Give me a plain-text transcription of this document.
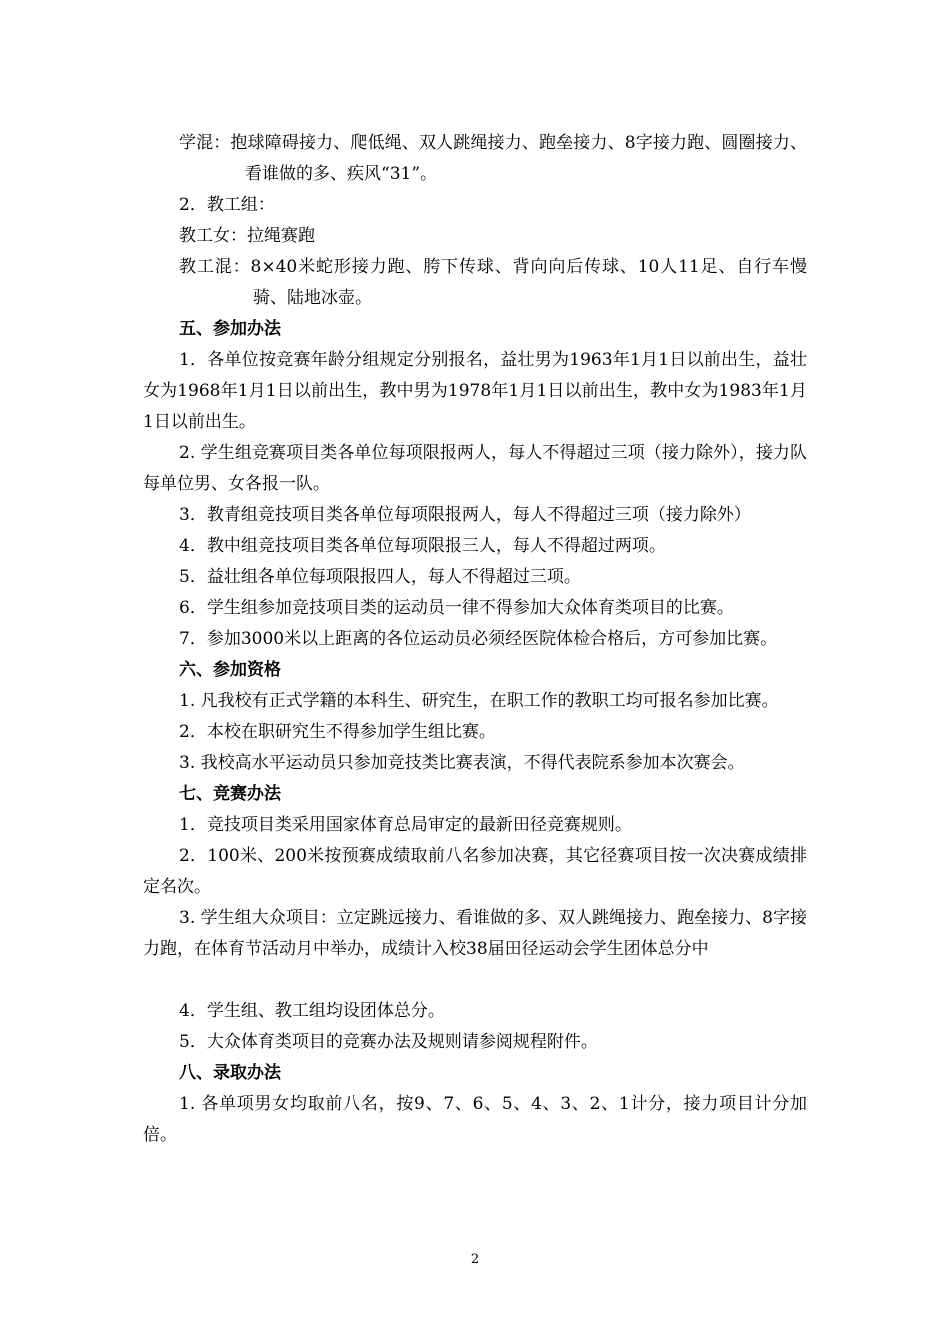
学混：抱球障碍接力、爬低绳、双人跳绳接力、跑垒接力、8字接力跑、圆圈接力、看谁做的多、疾风“31”。

2．教工组：

教工女：拉绳赛跑

教工混：8×40米蛇形接力跑、胯下传球、背向向后传球、10人11足、自行车慢骑、陆地冰壶。

五、参加办法

1．各单位按竞赛年龄分组规定分别报名，益壮男为1963年1月1日以前出生，益壮女为1968年1月1日以前出生，教中男为1978年1月1日以前出生，教中女为1983年1月1日以前出生。

2. 学生组竞赛项目类各单位每项限报两人，每人不得超过三项（接力除外），接力队每单位男、女各报一队。

3．教青组竞技项目类各单位每项限报两人，每人不得超过三项（接力除外）

4．教中组竞技项目类各单位每项限报三人，每人不得超过两项。

5．益壮组各单位每项限报四人，每人不得超过三项。

6．学生组参加竞技项目类的运动员一律不得参加大众体育类项目的比赛。

7．参加3000米以上距离的各位运动员必须经医院体检合格后，方可参加比赛。

六、参加资格

1. 凡我校有正式学籍的本科生、研究生，在职工作的教职工均可报名参加比赛。

2．本校在职研究生不得参加学生组比赛。

3. 我校高水平运动员只参加竞技类比赛表演，不得代表院系参加本次赛会。

七、竞赛办法

1．竞技项目类采用国家体育总局审定的最新田径竞赛规则。

2．100米、200米按预赛成绩取前八名参加决赛，其它径赛项目按一次决赛成绩排定名次。

3. 学生组大众项目：立定跳远接力、看谁做的多、双人跳绳接力、跑垒接力、8字接力跑，在体育节活动月中举办，成绩计入校38届田径运动会学生团体总分中

4．学生组、教工组均设团体总分。

5．大众体育类项目的竞赛办法及规则请参阅规程附件。

八、录取办法

1. 各单项男女均取前八名，按9、7、6、5、4、3、2、1计分，接力项目计分加倍。

2
